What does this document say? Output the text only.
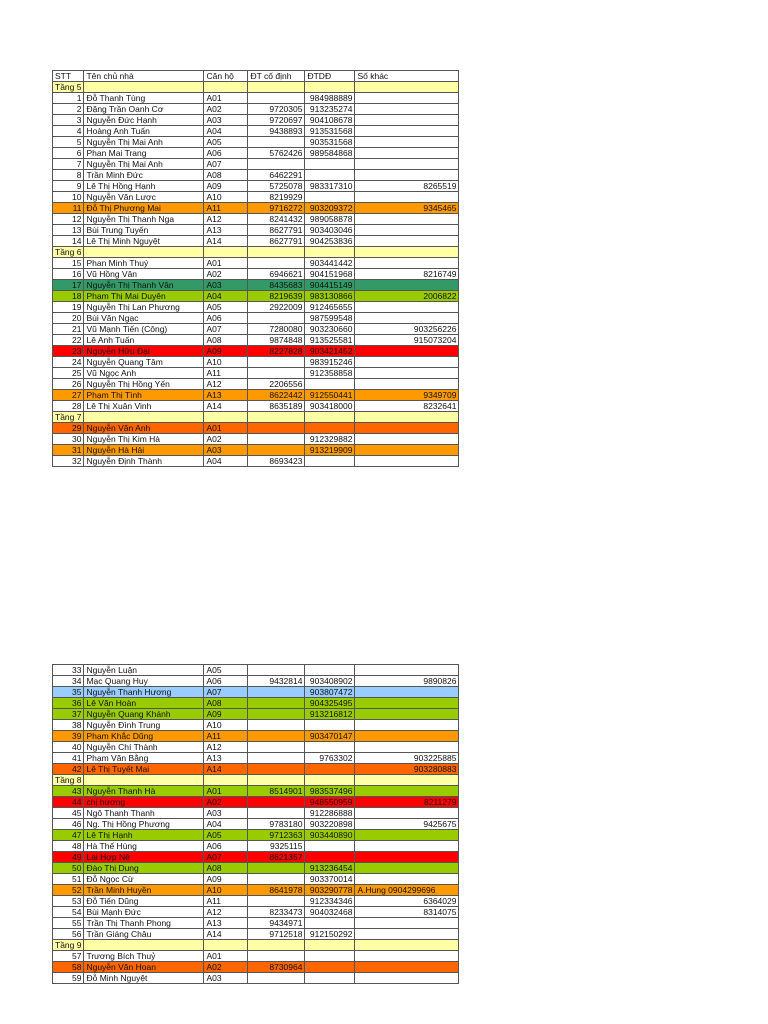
STT	Tên chủ nhà	Căn hộ	ĐT cố định	ĐTDĐ	Số khác
Tầng 5					
1	Đỗ Thanh Tùng	A01		984988889	
2	Đặng Trần Oanh Cơ	A02	9720305	913235274	
3	Nguyễn Đức Hạnh	A03	9720697	904108678	
4	Hoàng Anh Tuấn	A04	9438893	913531568	
5	Nguyễn Thị Mai Anh	A05		903531568	
6	Phan Mai Trang	A06	5762426	989584868	
7	Nguyễn Thị Mai Anh	A07			
8	Trần Minh Đức	A08	6462291		
9	Lê Thị Hồng Hạnh	A09	5725078	983317310	8265519
10	Nguyễn Văn Lược	A10	8219929		
11	Đỗ Thị Phương Mai	A11	9716272	903209372	9345465
12	Nguyễn Thị Thanh Nga	A12	8241432	989058878	
13	Bùi Trung Tuyến	A13	8627791	903403046	
14	Lê Thị Minh Nguyệt	A14	8627791	904253836	
Tầng 6					
15	Phan Minh Thuý	A01		903441442	
16	Vũ Hồng Vân	A02	6946621	904151968	8216749
17	Nguyễn Thị Thanh Vân	A03	8435683	904415149	
18	Phạm Thị Mai Duyên	A04	8219639	983130866	2006822
19	Nguyễn Thị Lan Phương	A05	2922009	912465655	
20	Bùi Văn Ngạc	A06		987599548	
21	Vũ Mạnh Tiến (Công)	A07	7280080	903230660	903256226
22	Lê Anh Tuấn	A08	9874848	913525581	915073204
23	Nguyễn Hữu Đại	A09	8227828	903421452	
24	Nguyễn Quang Tâm	A10		983915246	
25	Vũ Ngọc Anh	A11		912358858	
26	Nguyễn Thị Hồng Yến	A12	2206556		
27	Phạm Thị Tình	A13	8622442	912550441	9349709
28	Lê Thị Xuân Vinh	A14	8635189	903418000	8232641
Tầng 7					
29	Nguyễn Văn Anh	A01			
30	Nguyễn Thị Kim Hà	A02		912329882	
31	Nguyễn Hà Hải	A03		913219909	
32	Nguyễn Định Thành	A04	8693423		
33	Nguyễn Luận	A05			
34	Mạc Quang Huy	A06	9432814	903408902	9890826
35	Nguyễn Thanh Hương	A07		903807472	
36	Lê Văn Hoàn	A08		904325495	
37	Nguyễn Quang Khánh	A09		913216812	
38	Nguyễn Đình Trung	A10			
39	Phạm Khắc Dũng	A11		903470147	
40	Nguyễn Chí Thành	A12			
41	Phạm Văn Bằng	A13		9763302	903225885
42	Lê Thị Tuyết Mai	A14			903280883
Tầng 8					
43	Nguyễn Thanh Hà	A01	8514901	983537496	
44	chị hương	A02		948550959	8211279
45	Ngô Thanh Thanh	A03		912286888	
46	Ng. Thị Hồng Phương	A04	9783180	903220898	9425675
47	Lê Thị Hạnh	A05	9712363	903440890	
48	Hà Thế Hùng	A06	9325115		
49	Lại Hợp Nê	A07	8621357		
50	Đào Thị Dung	A08		913236454	
51	Đỗ Ngọc Cừ	A09		903370014	
52	Trần Minh Huyền	A10	8641978	903290778	A.Hung 0904299696
53	Đỗ Tiến Dũng	A11		912334346	6364029
54	Bùi Mạnh Đức	A12	8233473	904032468	8314075
55	Trần Thị Thanh Phong	A13	9434971		
56	Trần Giáng Châu	A14	9712518	912150292	
Tầng 9					
57	Trương Bích Thuỷ	A01			
58	Nguyễn Văn Hoan	A02	8730964		
59	Đỗ Minh Nguyệt	A03			
